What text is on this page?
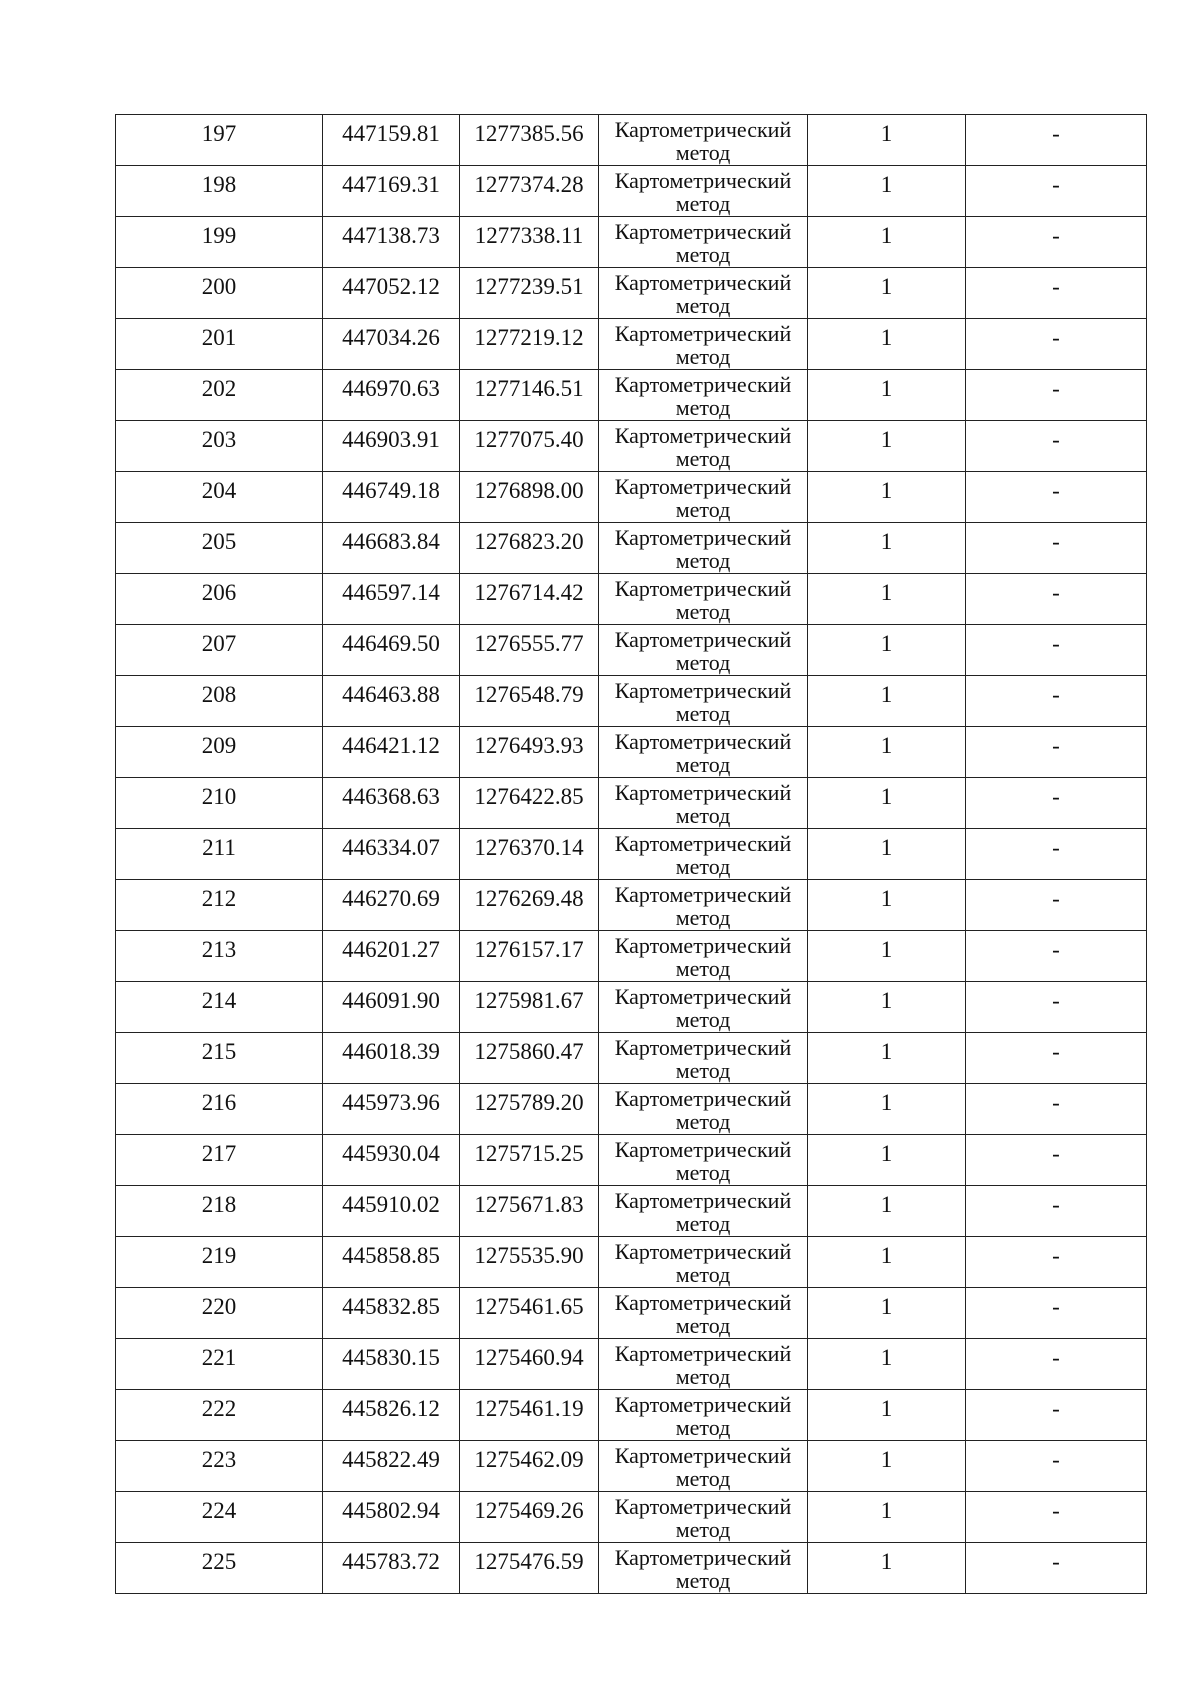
197	447159.81	1277385.56	Картометрический метод	1	-
198	447169.31	1277374.28	Картометрический метод	1	-
199	447138.73	1277338.11	Картометрический метод	1	-
200	447052.12	1277239.51	Картометрический метод	1	-
201	447034.26	1277219.12	Картометрический метод	1	-
202	446970.63	1277146.51	Картометрический метод	1	-
203	446903.91	1277075.40	Картометрический метод	1	-
204	446749.18	1276898.00	Картометрический метод	1	-
205	446683.84	1276823.20	Картометрический метод	1	-
206	446597.14	1276714.42	Картометрический метод	1	-
207	446469.50	1276555.77	Картометрический метод	1	-
208	446463.88	1276548.79	Картометрический метод	1	-
209	446421.12	1276493.93	Картометрический метод	1	-
210	446368.63	1276422.85	Картометрический метод	1	-
211	446334.07	1276370.14	Картометрический метод	1	-
212	446270.69	1276269.48	Картометрический метод	1	-
213	446201.27	1276157.17	Картометрический метод	1	-
214	446091.90	1275981.67	Картометрический метод	1	-
215	446018.39	1275860.47	Картометрический метод	1	-
216	445973.96	1275789.20	Картометрический метод	1	-
217	445930.04	1275715.25	Картометрический метод	1	-
218	445910.02	1275671.83	Картометрический метод	1	-
219	445858.85	1275535.90	Картометрический метод	1	-
220	445832.85	1275461.65	Картометрический метод	1	-
221	445830.15	1275460.94	Картометрический метод	1	-
222	445826.12	1275461.19	Картометрический метод	1	-
223	445822.49	1275462.09	Картометрический метод	1	-
224	445802.94	1275469.26	Картометрический метод	1	-
225	445783.72	1275476.59	Картометрический метод	1	-
